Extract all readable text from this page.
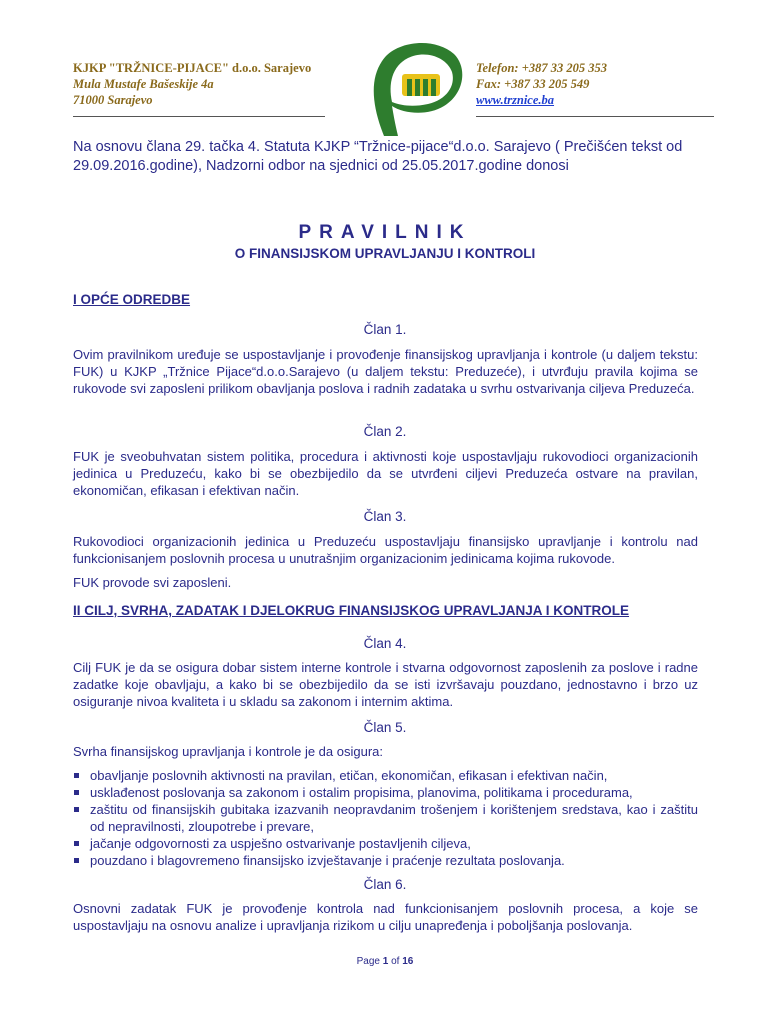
KJKP "TRŽNICE-PIJACE" d.o.o. Sarajevo
Mula Mustafe Bašeskije 4a
71000 Sarajevo
Telefon: +387 33 205 353
Fax: +387 33 205 549
www.trznice.ba
Na osnovu člana 29. tačka 4. Statuta KJKP “Tržnice-pijace“d.o.o. Sarajevo ( Prečišćen tekst od 29.09.2016.godine), Nadzorni odbor na sjednici od 25.05.2017.godine donosi
PRAVILNIK
O FINANSIJSKOM UPRAVLJANJU I KONTROLI
I OPĆE ODREDBE
Član 1.
Ovim pravilnikom uređuje se uspostavljanje i provođenje finansijskog upravljanja i kontrole (u daljem tekstu: FUK) u KJKP „Tržnice Pijace“d.o.o.Sarajevo (u daljem tekstu: Preduzeće), i utvrđuju pravila kojima se rukovode svi zaposleni prilikom obavljanja poslova i radnih zadataka u svrhu ostvarivanja ciljeva Preduzeća.
Član 2.
FUK je sveobuhvatan sistem politika, procedura i aktivnosti koje uspostavljaju rukovodioci organizacionih jedinica u Preduzeću, kako bi se obezbijedilo da se utvrđeni ciljevi Preduzeća ostvare na pravilan, ekonomičan, efikasan i efektivan način.
Član 3.
Rukovodioci organizacionih jedinica u Preduzeću uspostavljaju finansijsko upravljanje i kontrolu nad funkcionisanjem poslovnih procesa u unutrašnjim organizacionim jedinicama kojima rukovode.
FUK provode svi zaposleni.
II CILJ, SVRHA, ZADATAK I DJELOKRUG FINANSIJSKOG UPRAVLJANJA I KONTROLE
Član 4.
Cilj FUK je da se osigura dobar sistem interne kontrole i stvarna odgovornost zaposlenih za poslove i radne zadatke koje obavljaju, a kako bi se obezbijedilo da se isti izvršavaju pouzdano, jednostavno i brzo uz osiguranje nivoa kvaliteta i u skladu sa zakonom i internim aktima.
Član 5.
Svrha finansijskog upravljanja i kontrole je da osigura:
obavljanje poslovnih aktivnosti na pravilan, etičan, ekonomičan, efikasan i efektivan način,
usklađenost poslovanja sa zakonom i ostalim propisima, planovima, politikama i procedurama,
zaštitu od finansijskih gubitaka izazvanih neopravdanim trošenjem i korištenjem sredstava, kao i zaštitu od nepravilnosti, zloupotrebe i prevare,
jačanje odgovornosti za uspješno ostvarivanje postavljenih ciljeva,
pouzdano i blagovremeno finansijsko izvještavanje i praćenje rezultata poslovanja.
Član 6.
Osnovni zadatak FUK je provođenje kontrola nad funkcionisanjem poslovnih procesa, a koje se uspostavljaju na osnovu analize i upravljanja rizikom u cilju unapređenja i poboljšanja poslovanja.
Page 1 of 16
